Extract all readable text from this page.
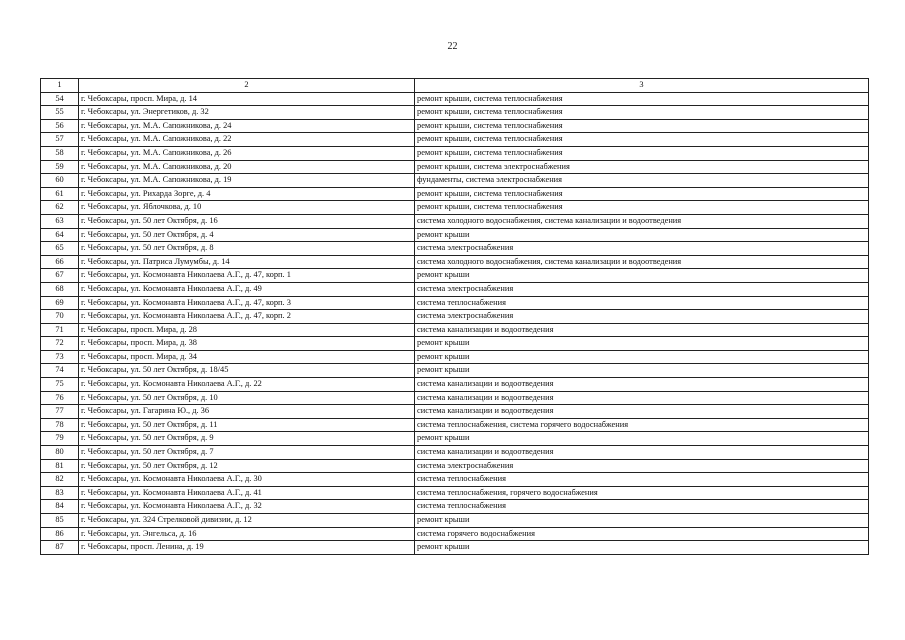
22
1	2	3
54	г. Чебоксары, просп. Мира, д. 14	ремонт крыши, система теплоснабжения
55	г. Чебоксары, ул. Энергетиков, д. 32	ремонт крыши, система теплоснабжения
56	г. Чебоксары, ул. М.А. Сапожникова, д. 24	ремонт крыши, система теплоснабжения
57	г. Чебоксары, ул. М.А. Сапожникова, д. 22	ремонт крыши, система теплоснабжения
58	г. Чебоксары, ул. М.А. Сапожникова, д. 26	ремонт крыши, система теплоснабжения
59	г. Чебоксары, ул. М.А. Сапожникова, д. 20	ремонт крыши, система электроснабжения
60	г. Чебоксары, ул. М.А. Сапожникова, д. 19	фундаменты, система электроснабжения
61	г. Чебоксары, ул. Рихарда Зорге, д. 4	ремонт крыши, система теплоснабжения
62	г. Чебоксары, ул. Яблочкова, д. 10	ремонт крыши, система теплоснабжения
63	г. Чебоксары, ул. 50 лет Октября, д. 16	система холодного водоснабжения, система канализации и водоотведения
64	г. Чебоксары, ул. 50 лет Октября, д. 4	ремонт крыши
65	г. Чебоксары, ул. 50 лет Октября, д. 8	система электроснабжения
66	г. Чебоксары, ул. Патриса Лумумбы, д. 14	система холодного водоснабжения, система канализации и водоотведения
67	г. Чебоксары, ул. Космонавта Николаева А.Г., д. 47, корп. 1	ремонт крыши
68	г. Чебоксары, ул. Космонавта Николаева А.Г., д. 49	система электроснабжения
69	г. Чебоксары, ул. Космонавта Николаева А.Г., д. 47, корп. 3	система теплоснабжения
70	г. Чебоксары, ул. Космонавта Николаева А.Г., д. 47, корп. 2	система электроснабжения
71	г. Чебоксары, просп. Мира, д. 28	система канализации и водоотведения
72	г. Чебоксары, просп. Мира, д. 38	ремонт крыши
73	г. Чебоксары, просп. Мира, д. 34	ремонт крыши
74	г. Чебоксары, ул. 50 лет Октября, д. 18/45	ремонт крыши
75	г. Чебоксары, ул. Космонавта Николаева А.Г., д. 22	система канализации и водоотведения
76	г. Чебоксары, ул. 50 лет Октября, д. 10	система канализации и водоотведения
77	г. Чебоксары, ул. Гагарина Ю., д. 36	система канализации и водоотведения
78	г. Чебоксары, ул. 50 лет Октября, д. 11	система теплоснабжения, система горячего водоснабжения
79	г. Чебоксары, ул. 50 лет Октября, д. 9	ремонт крыши
80	г. Чебоксары, ул. 50 лет Октября, д. 7	система канализации и водоотведения
81	г. Чебоксары, ул. 50 лет Октября, д. 12	система электроснабжения
82	г. Чебоксары, ул. Космонавта Николаева А.Г., д. 30	система теплоснабжения
83	г. Чебоксары, ул. Космонавта Николаева А.Г., д. 41	система теплоснабжения, горячего водоснабжения
84	г. Чебоксары, ул. Космонавта Николаева А.Г., д. 32	система теплоснабжения
85	г. Чебоксары, ул. 324 Стрелковой дивизии, д. 12	ремонт крыши
86	г. Чебоксары, ул. Энгельса, д. 16	система горячего водоснабжения
87	г. Чебоксары, просп. Ленина, д. 19	ремонт крыши
